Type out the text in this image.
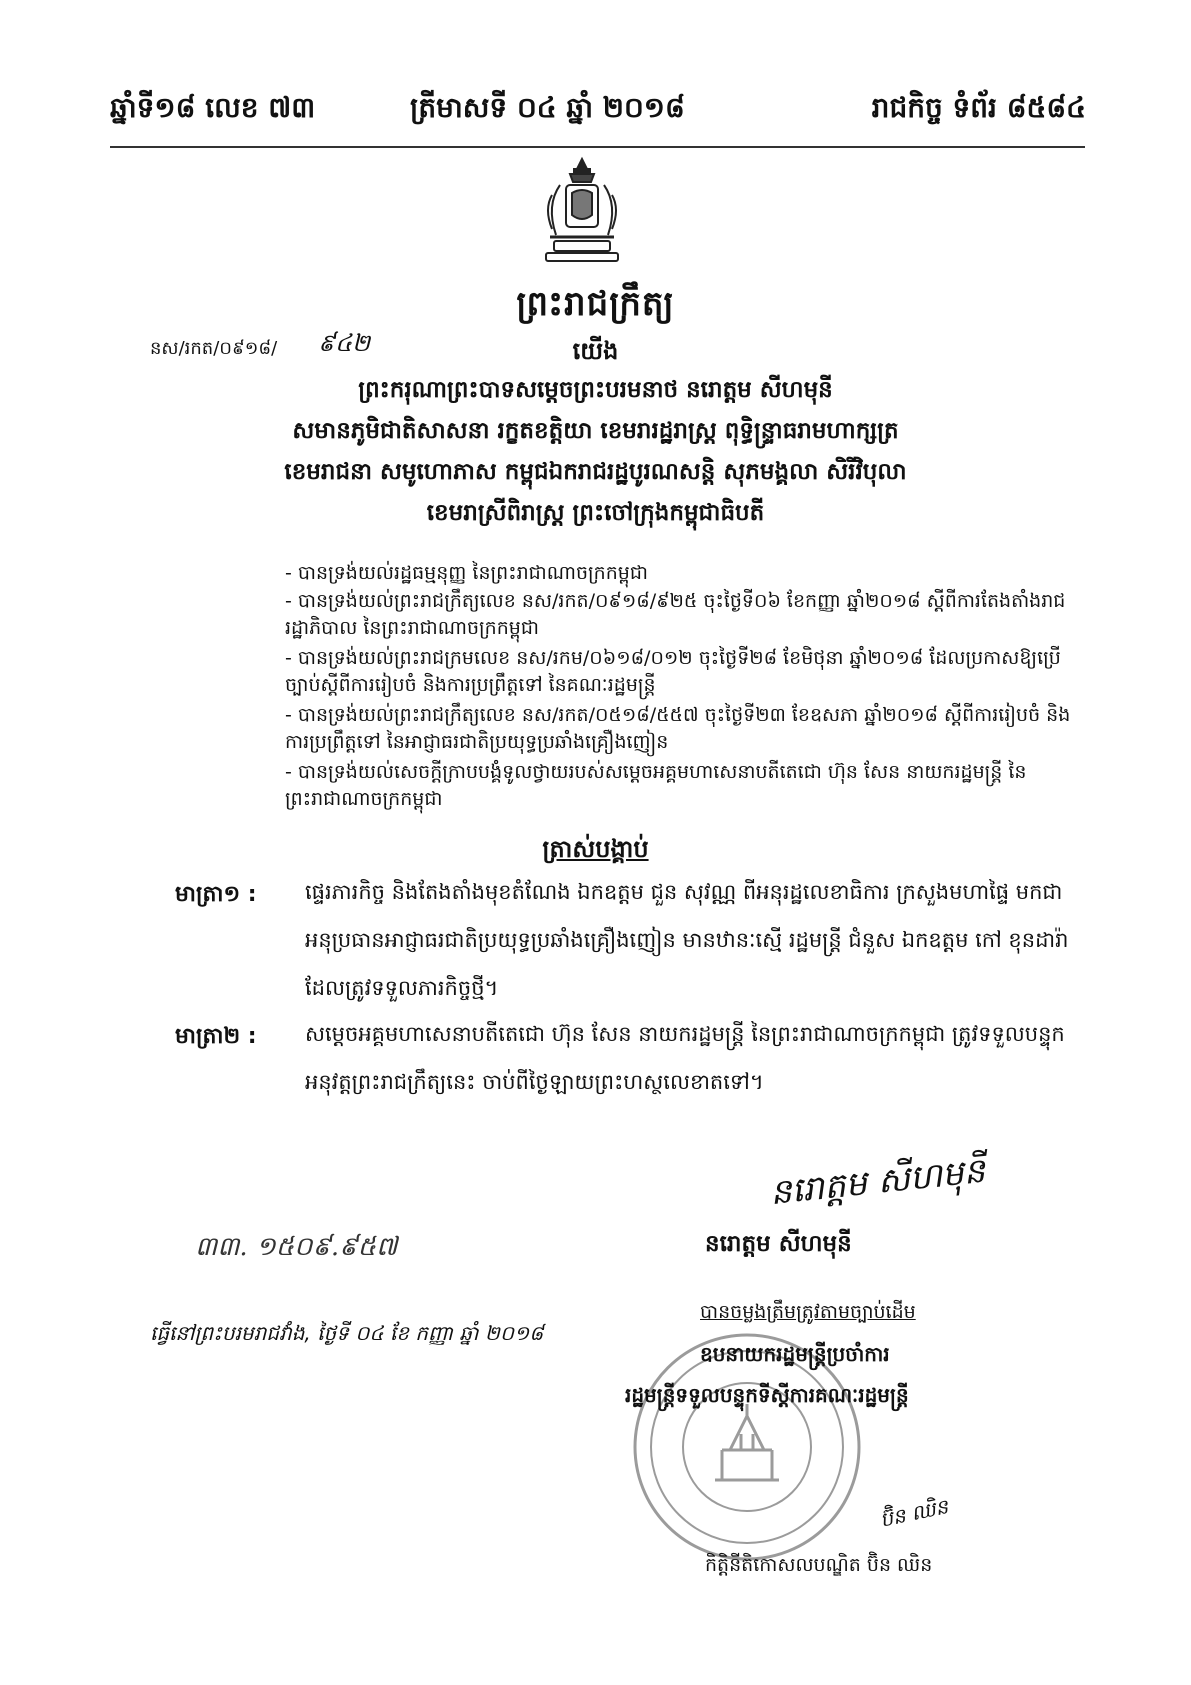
ឆ្នាំទី១៨ លេខ ៧៣	ត្រីមាសទី ០៤ ឆ្នាំ ២០១៨	រាជកិច្ច ទំព័រ ៨៥៨៤
ព្រះរាជក្រឹត្យ
នស/រកត/០៩១៨/ ៩៤២	យើង
ព្រះករុណាព្រះបាទសម្តេចព្រះបរមនាថ នរោត្តម សីហមុនី
សមានភូមិជាតិសាសនា រក្ខតខត្តិយា ខេមរារដ្ឋរាស្ត្រ ពុទ្ធិន្ទ្រាធរាមហាក្សត្រ
ខេមរាជនា សមូហោភាស កម្ពុជឯករាជរដ្ឋបូរណសន្តិ សុភមង្គលា សិរីវិបុលា
ខេមរាស្រីពិរាស្ត្រ ព្រះចៅក្រុងកម្ពុជាធិបតី
- បានទ្រង់យល់រដ្ឋធម្មនុញ្ញ នៃព្រះរាជាណាចក្រកម្ពុជា
- បានទ្រង់យល់ព្រះរាជក្រឹត្យលេខ នស/រកត/០៩១៨/៩២៥ ចុះថ្ងៃទី០៦ ខែកញ្ញា ឆ្នាំ២០១៨ ស្តីពីការតែងតាំងរាជរដ្ឋាភិបាល នៃព្រះរាជាណាចក្រកម្ពុជា
- បានទ្រង់យល់ព្រះរាជក្រមលេខ នស/រកម/០៦១៨/០១២ ចុះថ្ងៃទី២៨ ខែមិថុនា ឆ្នាំ២០១៨ ដែលប្រកាសឱ្យប្រើច្បាប់ស្តីពីការរៀបចំ និងការប្រព្រឹត្តទៅ នៃគណៈរដ្ឋមន្ត្រី
- បានទ្រង់យល់ព្រះរាជក្រឹត្យលេខ នស/រកត/០៥១៨/៥៥៧ ចុះថ្ងៃទី២៣ ខែឧសភា ឆ្នាំ២០១៨ ស្តីពីការរៀបចំ និងការប្រព្រឹត្តទៅ នៃអាជ្ញាធរជាតិប្រយុទ្ធប្រឆាំងគ្រឿងញៀន
- បានទ្រង់យល់សេចក្តីក្រាបបង្គំទូលថ្វាយរបស់សម្តេចអគ្គមហាសេនាបតីតេជោ ហ៊ុន សែន នាយករដ្ឋមន្ត្រី នៃព្រះរាជាណាចក្រកម្ពុជា
ត្រាស់បង្គាប់
មាត្រា១ : ផ្ទេរភារកិច្ច និងតែងតាំងមុខតំណែង ឯកឧត្តម ជួន សុវណ្ណ ពីអនុរដ្ឋលេខាធិការ ក្រសួងមហាផ្ទៃ មកជាអនុប្រធានអាជ្ញាធរជាតិប្រយុទ្ធប្រឆាំងគ្រឿងញៀន មានឋានៈស្មើ រដ្ឋមន្ត្រី ជំនួស ឯកឧត្តម កៅ ខុនដារ៉ា ដែលត្រូវទទួលភារកិច្ចថ្មី។
មាត្រា២ : សម្តេចអគ្គមហាសេនាបតីតេជោ ហ៊ុន សែន នាយករដ្ឋមន្ត្រី នៃព្រះរាជាណាចក្រកម្ពុជា ត្រូវទទួលបន្ទុកអនុវត្តព្រះរាជក្រឹត្យនេះ ចាប់ពីថ្ងៃឡាយព្រះហស្ថលេខាតទៅ។
នរោត្តម សីហមុនី
នរោត្តម សីហមុនី
៣៣. ១៥០៩.៩៥៧
ធ្វើនៅព្រះបរមរាជវាំង, ថ្ងៃទី ០៤ ខែ កញ្ញា ឆ្នាំ ២០១៨
បានចម្លងត្រឹមត្រូវតាមច្បាប់ដើម
ឧបនាយករដ្ឋមន្ត្រីប្រចាំការ
រដ្ឋមន្ត្រីទទួលបន្ទុកទីស្តីការគណៈរដ្ឋមន្ត្រី
ប៊ិន ឈិន
កិត្តិនីតិកោសលបណ្ឌិត ប៊ិន ឈិន
